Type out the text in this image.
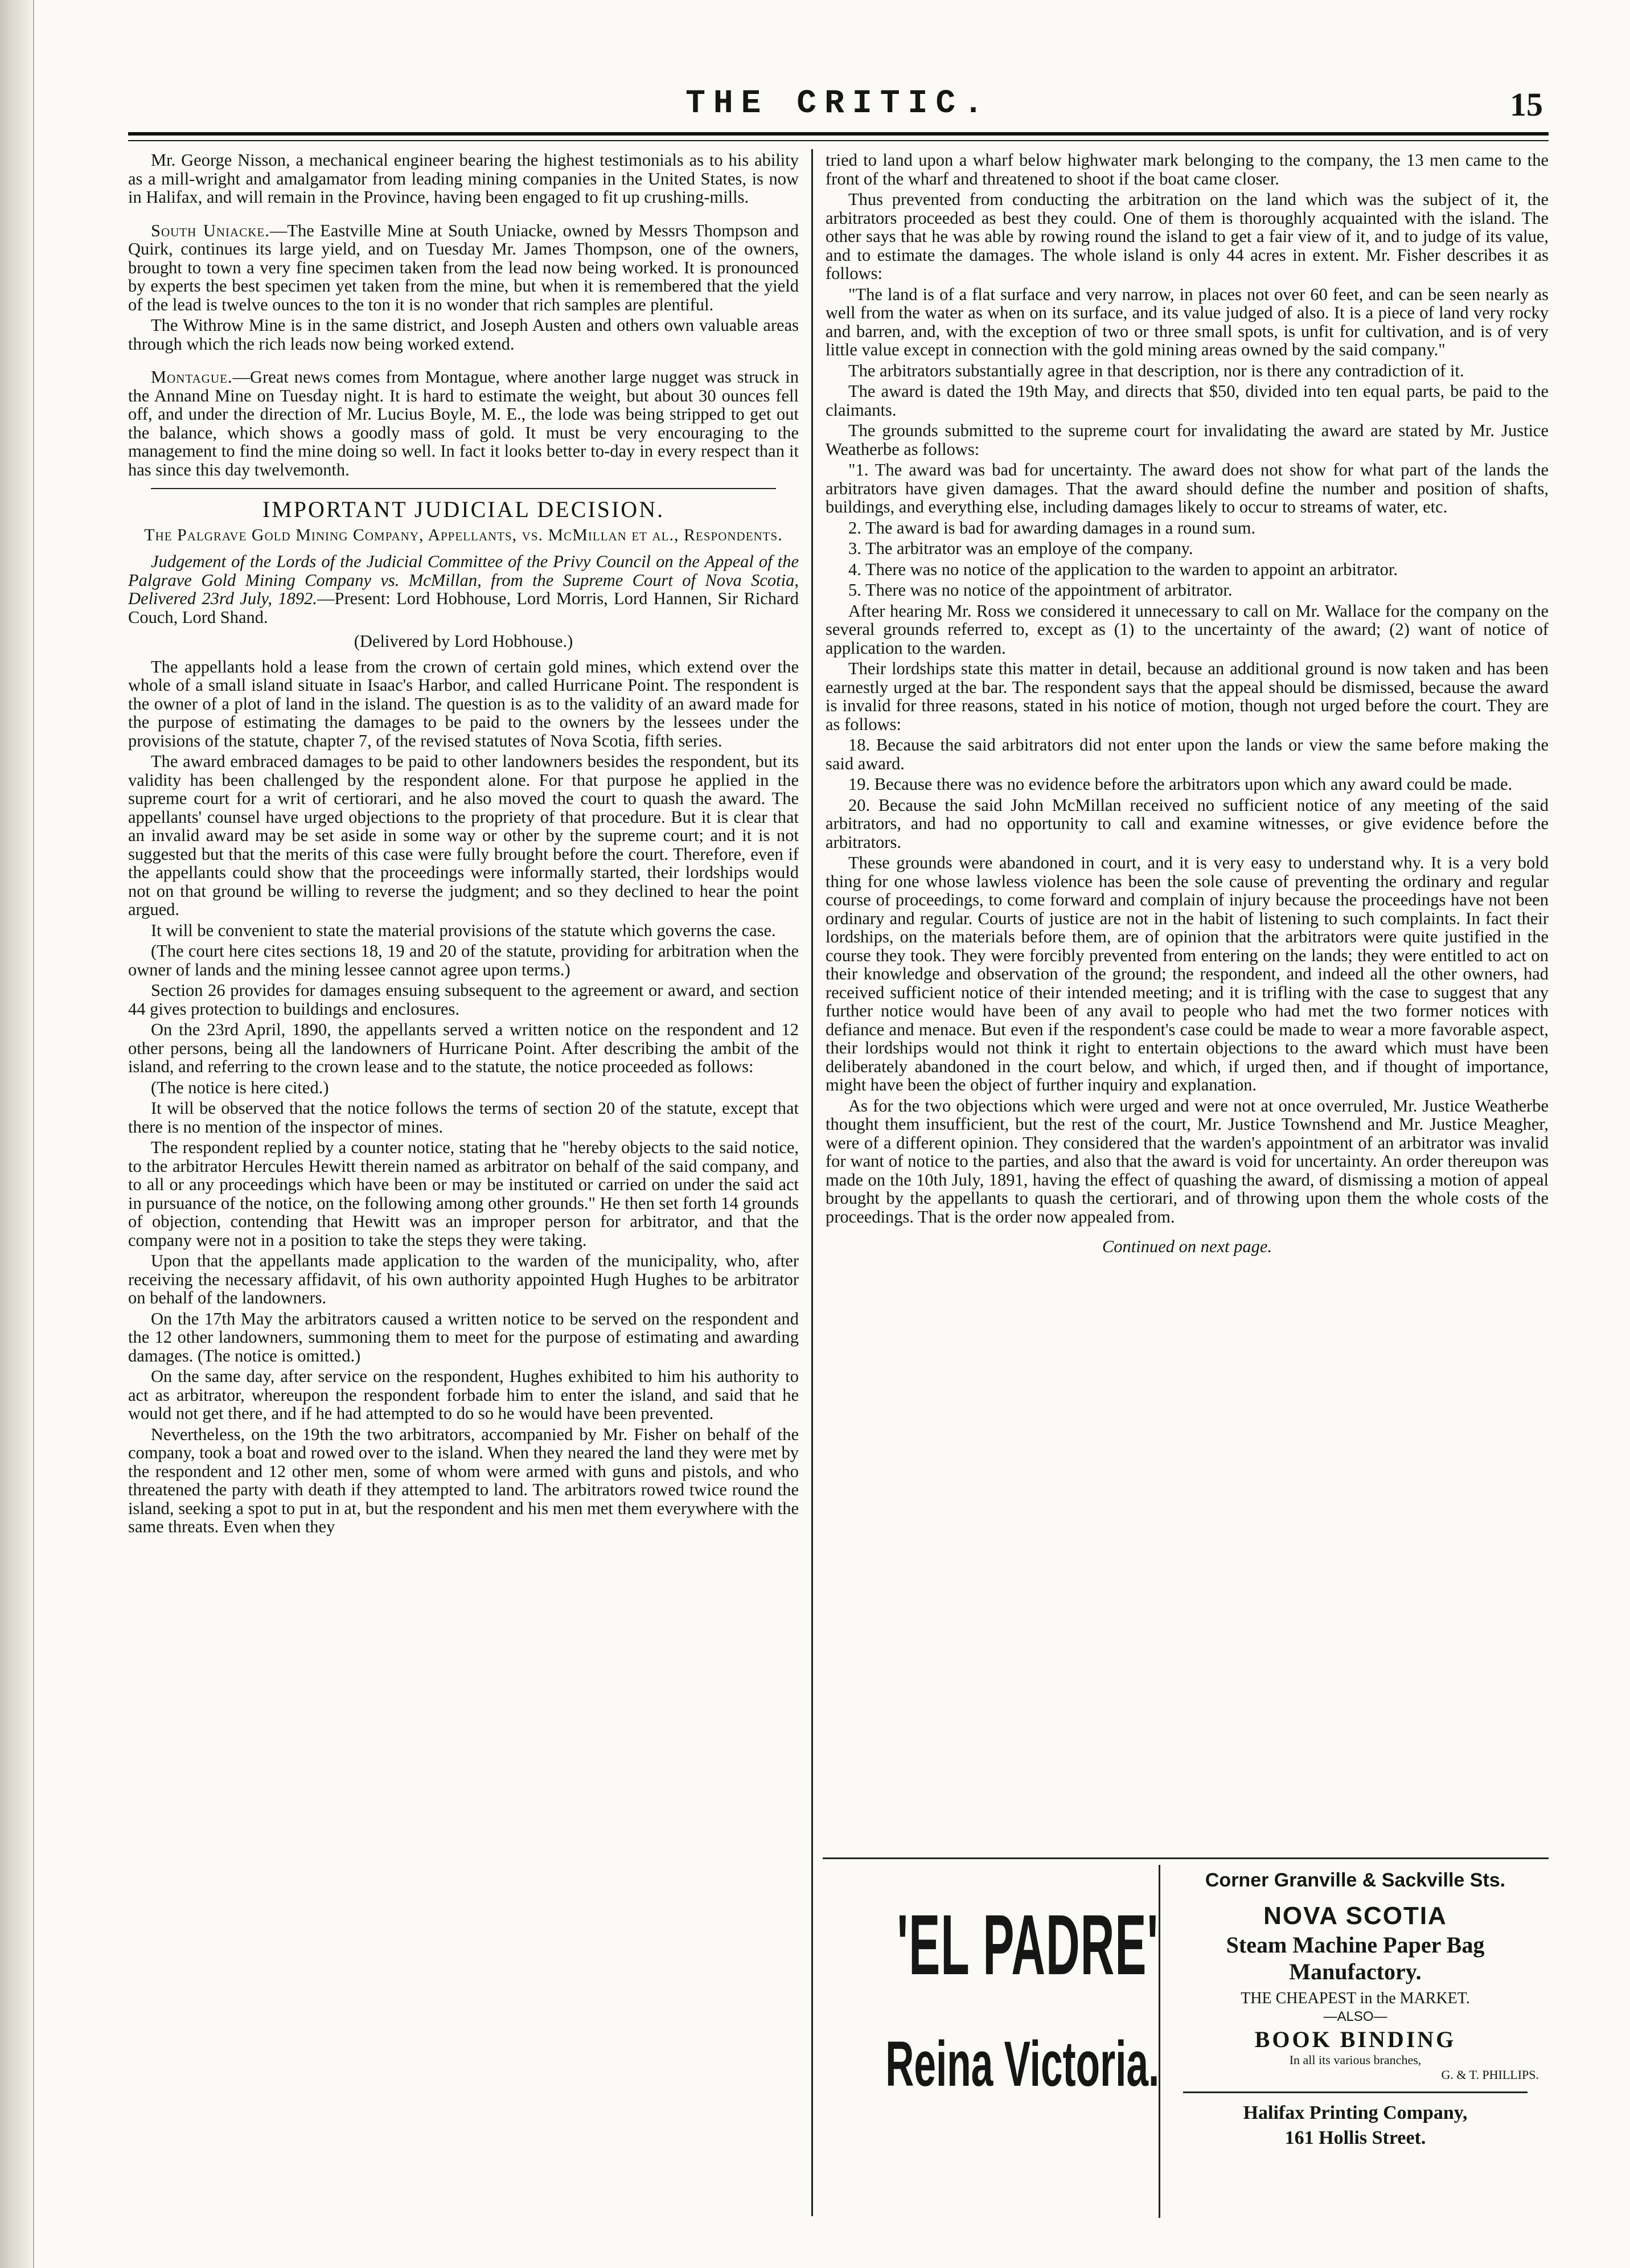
THE CRITIC.	15

Mr. George Nisson, a mechanical engineer bearing the highest testimonials as to his ability as a mill-wright and amalgamator from leading mining companies in the United States, is now in Halifax, and will remain in the Province, having been engaged to fit up crushing-mills.

South Uniacke.—The Eastville Mine at South Uniacke, owned by Messrs Thompson and Quirk, continues its large yield, and on Tuesday Mr. James Thompson, one of the owners, brought to town a very fine specimen taken from the lead now being worked. It is pronounced by experts the best specimen yet taken from the mine, but when it is remembered that the yield of the lead is twelve ounces to the ton it is no wonder that rich samples are plentiful.

The Withrow Mine is in the same district, and Joseph Austen and others own valuable areas through which the rich leads now being worked extend.

Montague.—Great news comes from Montague, where another large nugget was struck in the Annand Mine on Tuesday night. It is hard to estimate the weight, but about 30 ounces fell off, and under the direction of Mr. Lucius Boyle, M. E., the lode was being stripped to get out the balance, which shows a goodly mass of gold. It must be very encouraging to the management to find the mine doing so well. In fact it looks better to-day in every respect than it has since this day twelvemonth.

IMPORTANT JUDICIAL DECISION.
The Palgrave Gold Mining Company, Appellants, vs. McMillan et al., Respondents.

Judgement of the Lords of the Judicial Committee of the Privy Council on the Appeal of the Palgrave Gold Mining Company vs. McMillan, from the Supreme Court of Nova Scotia, Delivered 23rd July, 1892.—Present: Lord Hobhouse, Lord Morris, Lord Hannen, Sir Richard Couch, Lord Shand.

(Delivered by Lord Hobhouse.)

The appellants hold a lease from the crown of certain gold mines, which extend over the whole of a small island situate in Isaac's Harbor, and called Hurricane Point. The respondent is the owner of a plot of land in the island. The question is as to the validity of an award made for the purpose of estimating the damages to be paid to the owners by the lessees under the provisions of the statute, chapter 7, of the revised statutes of Nova Scotia, fifth series.

The award embraced damages to be paid to other landowners besides the respondent, but its validity has been challenged by the respondent alone. For that purpose he applied in the supreme court for a writ of certiorari, and he also moved the court to quash the award. The appellants' counsel have urged objections to the propriety of that procedure. But it is clear that an invalid award may be set aside in some way or other by the supreme court; and it is not suggested but that the merits of this case were fully brought before the court. Therefore, even if the appellants could show that the proceedings were informally started, their lordships would not on that ground be willing to reverse the judgment; and so they declined to hear the point argued.

It will be convenient to state the material provisions of the statute which governs the case.

(The court here cites sections 18, 19 and 20 of the statute, providing for arbitration when the owner of lands and the mining lessee cannot agree upon terms.)

Section 26 provides for damages ensuing subsequent to the agreement or award, and section 44 gives protection to buildings and enclosures.

On the 23rd April, 1890, the appellants served a written notice on the respondent and 12 other persons, being all the landowners of Hurricane Point. After describing the ambit of the island, and referring to the crown lease and to the statute, the notice proceeded as follows:

(The notice is here cited.)

It will be observed that the notice follows the terms of section 20 of the statute, except that there is no mention of the inspector of mines.

The respondent replied by a counter notice, stating that he "hereby objects to the said notice, to the arbitrator Hercules Hewitt therein named as arbitrator on behalf of the said company, and to all or any proceedings which have been or may be instituted or carried on under the said act in pursuance of the notice, on the following among other grounds." He then set forth 14 grounds of objection, contending that Hewitt was an improper person for arbitrator, and that the company were not in a position to take the steps they were taking.

Upon that the appellants made application to the warden of the municipality, who, after receiving the necessary affidavit, of his own authority appointed Hugh Hughes to be arbitrator on behalf of the landowners.

On the 17th May the arbitrators caused a written notice to be served on the respondent and the 12 other landowners, summoning them to meet for the purpose of estimating and awarding damages. (The notice is omitted.)

On the same day, after service on the respondent, Hughes exhibited to him his authority to act as arbitrator, whereupon the respondent forbade him to enter the island, and said that he would not get there, and if he had attempted to do so he would have been prevented.

Nevertheless, on the 19th the two arbitrators, accompanied by Mr. Fisher on behalf of the company, took a boat and rowed over to the island. When they neared the land they were met by the respondent and 12 other men, some of whom were armed with guns and pistols, and who threatened the party with death if they attempted to land. The arbitrators rowed twice round the island, seeking a spot to put in at, but the respondent and his men met them everywhere with the same threats. Even when they

tried to land upon a wharf below highwater mark belonging to the company, the 13 men came to the front of the wharf and threatened to shoot if the boat came closer.

Thus prevented from conducting the arbitration on the land which was the subject of it, the arbitrators proceeded as best they could. One of them is thoroughly acquainted with the island. The other says that he was able by rowing round the island to get a fair view of it, and to judge of its value, and to estimate the damages. The whole island is only 44 acres in extent. Mr. Fisher describes it as follows:

"The land is of a flat surface and very narrow, in places not over 60 feet, and can be seen nearly as well from the water as when on its surface, and its value judged of also. It is a piece of land very rocky and barren, and, with the exception of two or three small spots, is unfit for cultivation, and is of very little value except in connection with the gold mining areas owned by the said company."

The arbitrators substantially agree in that description, nor is there any contradiction of it.

The award is dated the 19th May, and directs that $50, divided into ten equal parts, be paid to the claimants.

The grounds submitted to the supreme court for invalidating the award are stated by Mr. Justice Weatherbe as follows:

"1. The award was bad for uncertainty. The award does not show for what part of the lands the arbitrators have given damages. That the award should define the number and position of shafts, buildings, and everything else, including damages likely to occur to streams of water, etc.

2. The award is bad for awarding damages in a round sum.

3. The arbitrator was an employe of the company.

4. There was no notice of the application to the warden to appoint an arbitrator.

5. There was no notice of the appointment of arbitrator.

After hearing Mr. Ross we considered it unnecessary to call on Mr. Wallace for the company on the several grounds referred to, except as (1) to the uncertainty of the award; (2) want of notice of application to the warden.

Their lordships state this matter in detail, because an additional ground is now taken and has been earnestly urged at the bar. The respondent says that the appeal should be dismissed, because the award is invalid for three reasons, stated in his notice of motion, though not urged before the court. They are as follows:

18. Because the said arbitrators did not enter upon the lands or view the same before making the said award.

19. Because there was no evidence before the arbitrators upon which any award could be made.

20. Because the said John McMillan received no sufficient notice of any meeting of the said arbitrators, and had no opportunity to call and examine witnesses, or give evidence before the arbitrators.

These grounds were abandoned in court, and it is very easy to understand why. It is a very bold thing for one whose lawless violence has been the sole cause of preventing the ordinary and regular course of proceedings, to come forward and complain of injury because the proceedings have not been ordinary and regular. Courts of justice are not in the habit of listening to such complaints. In fact their lordships, on the materials before them, are of opinion that the arbitrators were quite justified in the course they took. They were forcibly prevented from entering on the lands; they were entitled to act on their knowledge and observation of the ground; the respondent, and indeed all the other owners, had received sufficient notice of their intended meeting; and it is trifling with the case to suggest that any further notice would have been of any avail to people who had met the two former notices with defiance and menace. But even if the respondent's case could be made to wear a more favorable aspect, their lordships would not think it right to entertain objections to the award which must have been deliberately abandoned in the court below, and which, if urged then, and if thought of importance, might have been the object of further inquiry and explanation.

As for the two objections which were urged and were not at once overruled, Mr. Justice Weatherbe thought them insufficient, but the rest of the court, Mr. Justice Townshend and Mr. Justice Meagher, were of a different opinion. They considered that the warden's appointment of an arbitrator was invalid for want of notice to the parties, and also that the award is void for uncertainty. An order thereupon was made on the 10th July, 1891, having the effect of quashing the award, of dismissing a motion of appeal brought by the appellants to quash the certiorari, and of throwing upon them the whole costs of the proceedings. That is the order now appealed from.

Continued on next page.
'EL PADRE'
Reina Victoria.
Corner Granville & Sackville Sts.
NOVA SCOTIA
Steam Machine Paper Bag Manufactory.
THE CHEAPEST in the MARKET.
—ALSO—
BOOK BINDING
In all its various branches,
G. & T. PHILLIPS.
Halifax Printing Company,
161 Hollis Street.
